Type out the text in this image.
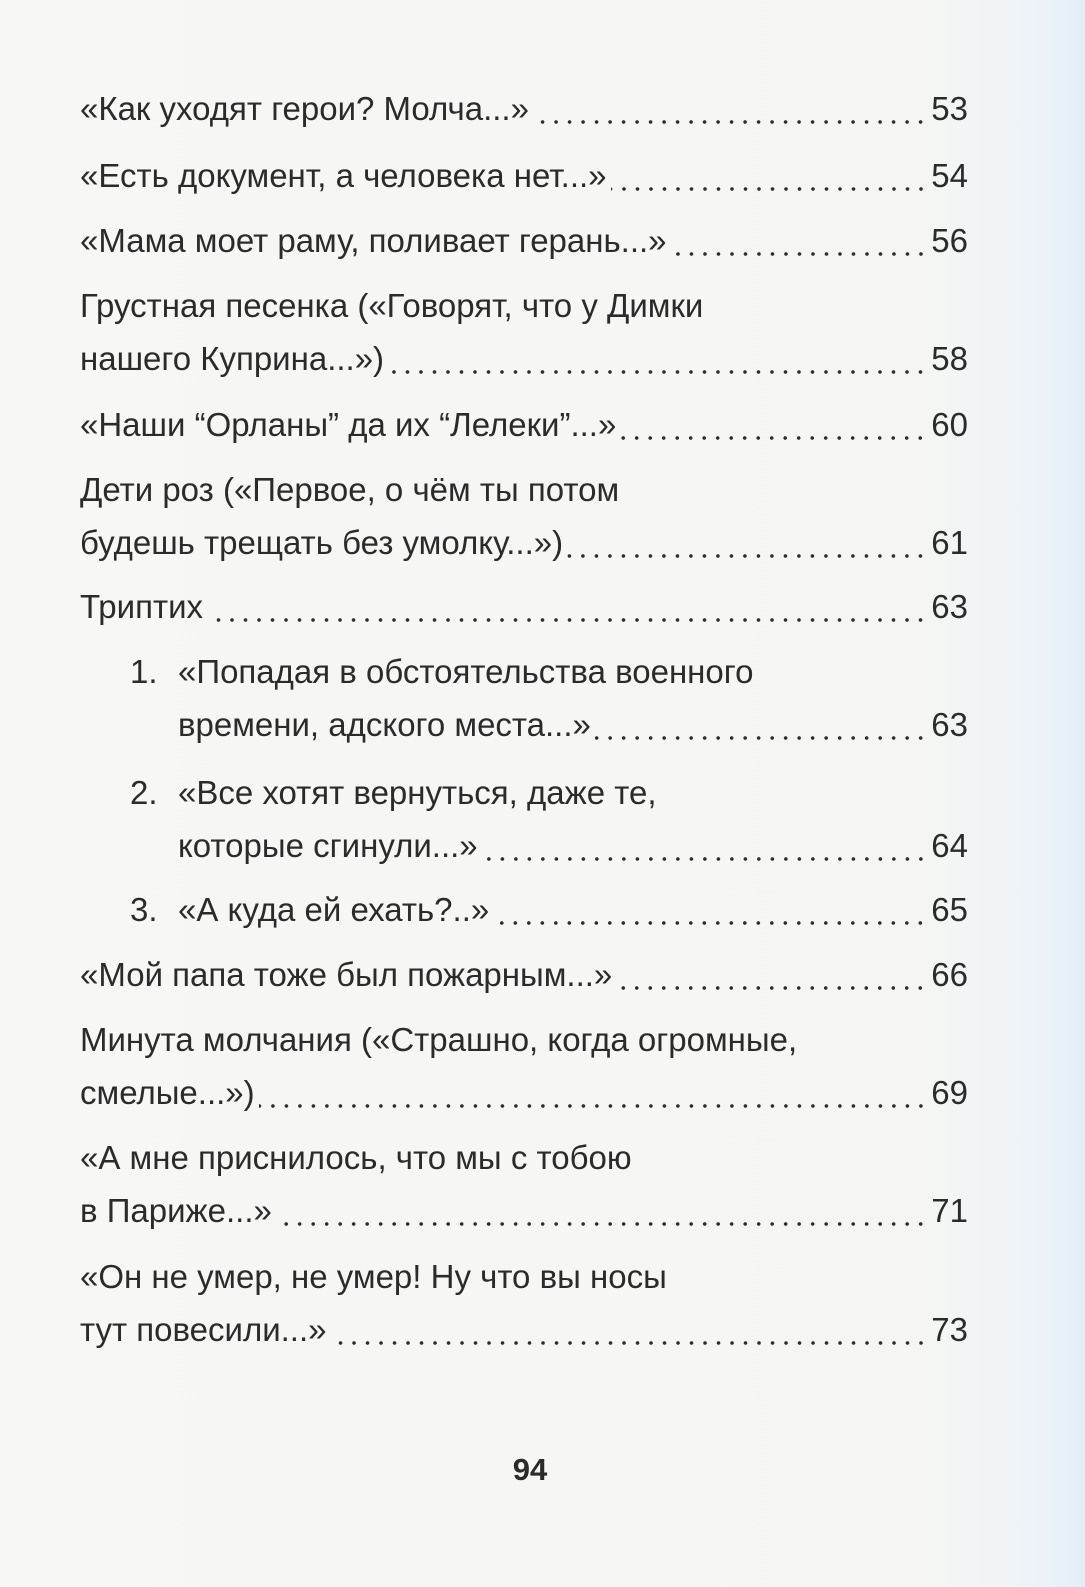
«Как уходят герои? Молча...»	53
«Есть документ, а человека нет...»	54
«Мама моет раму, поливает герань...»	56
Грустная песенка («Говорят, что у Димки
нашего Куприна...»)	58
«Наши “Орланы” да их “Лелеки”...»	60
Дети роз («Первое, о чём ты потом
будешь трещать без умолку...»)	61
Триптих	63
1. «Попадая в обстоятельства военного
времени, адского места...»	63
2. «Все хотят вернуться, даже те,
которые сгинули...»	64
3. «А куда ей ехать?..»	65
«Мой папа тоже был пожарным...»	66
Минута молчания («Страшно, когда огромные,
смелые...»)	69
«А мне приснилось, что мы с тобою
в Париже...»	71
«Он не умер, не умер! Ну что вы носы
тут повесили...»	73
94
